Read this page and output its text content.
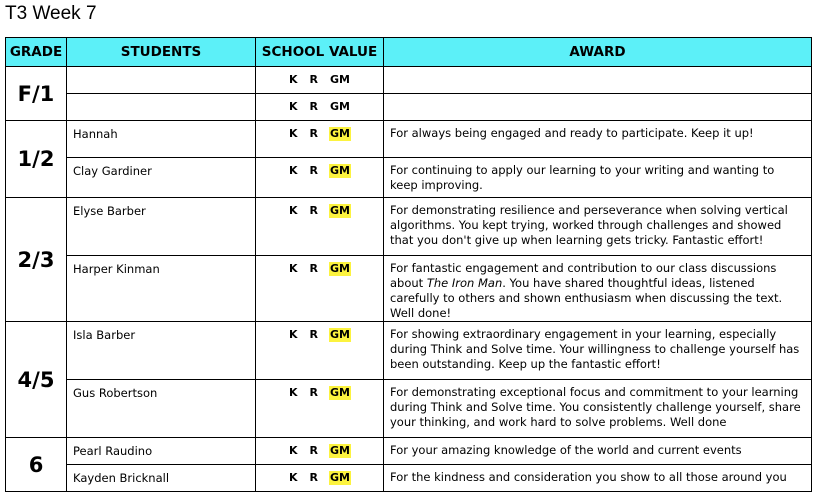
T3 Week 7
GRADE	STUDENTS	SCHOOL VALUE	AWARD
F/1		K R GM	
		K R GM	
1/2	Hannah	K R GM	For always being engaged and ready to participate. Keep it up!
	Clay Gardiner	K R GM	For continuing to apply our learning to your writing and wanting to keep improving.
2/3	Elyse Barber	K R GM	For demonstrating resilience and perseverance when solving vertical algorithms. You kept trying, worked through challenges and showed that you don't give up when learning gets tricky. Fantastic effort!
	Harper Kinman	K R GM	For fantastic engagement and contribution to our class discussions about The Iron Man. You have shared thoughtful ideas, listened carefully to others and shown enthusiasm when discussing the text. Well done!
4/5	Isla Barber	K R GM	For showing extraordinary engagement in your learning, especially during Think and Solve time. Your willingness to challenge yourself has been outstanding. Keep up the fantastic effort!
	Gus Robertson	K R GM	For demonstrating exceptional focus and commitment to your learning during Think and Solve time. You consistently challenge yourself, share your thinking, and work hard to solve problems. Well done
6	Pearl Raudino	K R GM	For your amazing knowledge of the world and current events
	Kayden Bricknall	K R GM	For the kindness and consideration you show to all those around you
